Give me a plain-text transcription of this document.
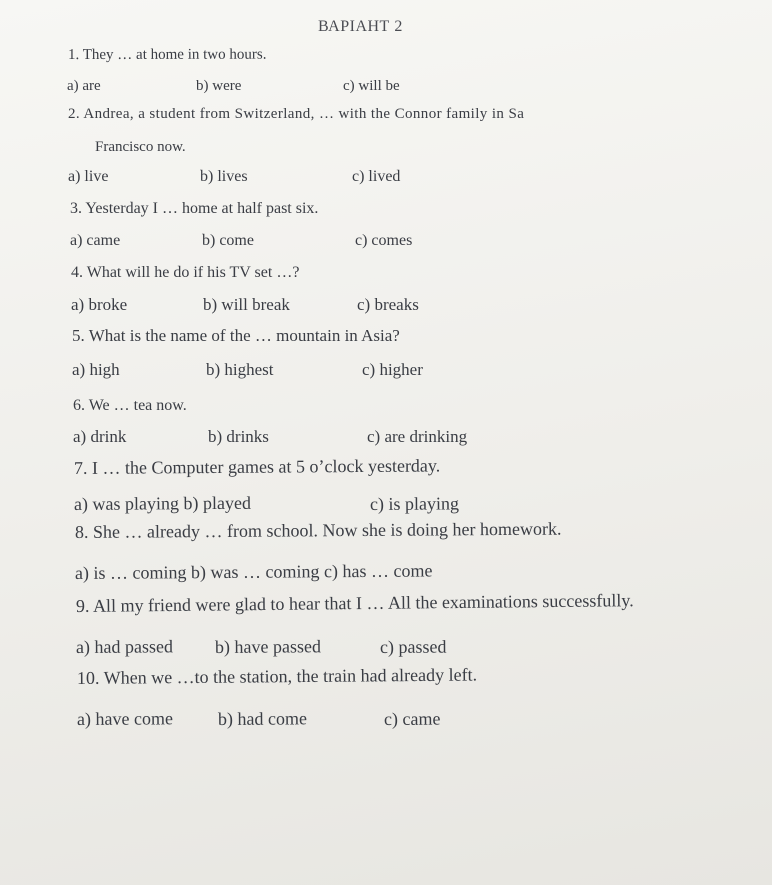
ВАРІАНТ 2
1. They … at home in two hours.
a) are	b) were	c) will be
2. Andrea, a student from Switzerland, … with the Connor family in Sa
Francisco now.
a) live	b) lives	c) lived
3. Yesterday I … home at half past six.
a) came	b) come	c) comes
4. What will he do if his TV set …?
a) broke	b) will break	c) breaks
5. What is the name of the … mountain in Asia?
a) high	b) highest	c) higher
6. We … tea now.
a) drink	b) drinks	c) are drinking
7. I … the Computer games at 5 o’clock yesterday.
a) was playing b) played	c) is playing
8. She … already … from school. Now she is doing her homework.
a) is … coming b) was … coming c) has … come
9. All my friend were glad to hear that I … All the examinations successfully.
a) had passed b) have passed	c) passed
10. When we …to the station, the train had already left.
a) have come b) had come	c) came
